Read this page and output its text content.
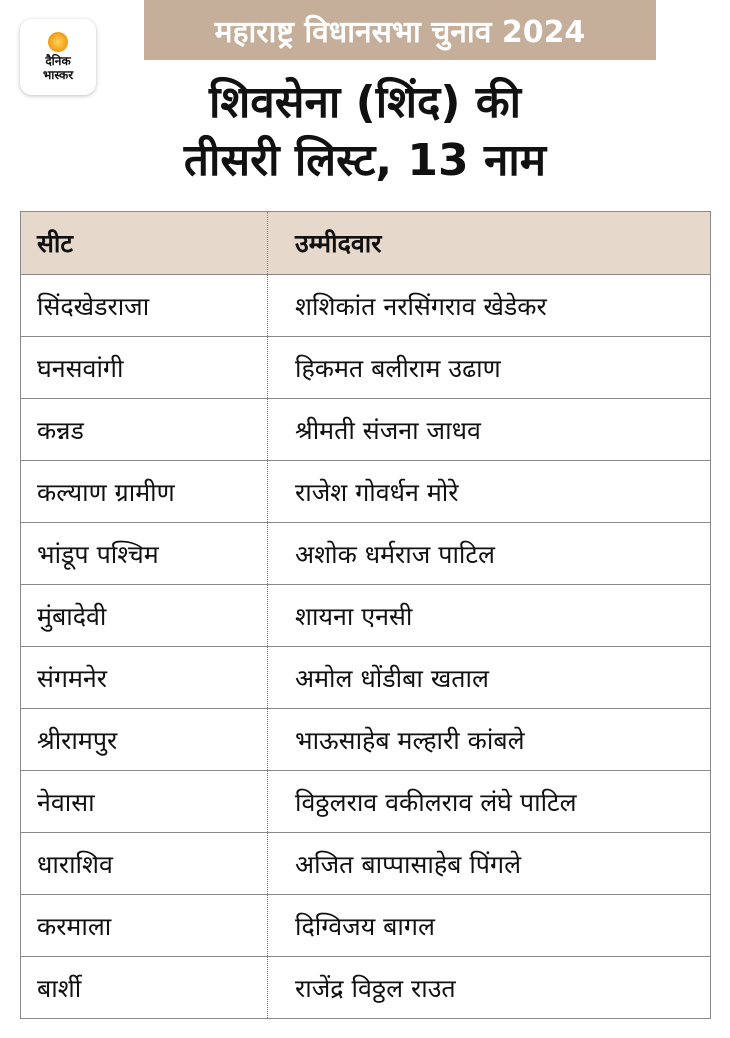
दैनिक
भास्कर
महाराष्ट्र विधानसभा चुनाव 2024
शिवसेना (शिंद) की
तीसरी लिस्ट, 13 नाम
सीट	उम्मीदवार
सिंदखेडराजा	शशिकांत नरसिंगराव खेडेकर
घनसवांगी	हिकमत बलीराम उढाण
कन्नड	श्रीमती संजना जाधव
कल्याण ग्रामीण	राजेश गोवर्धन मोरे
भांडूप पश्चिम	अशोक धर्मराज पाटिल
मुंबादेवी	शायना एनसी
संगमनेर	अमोल धोंडीबा खताल
श्रीरामपुर	भाऊसाहेब मल्हारी कांबले
नेवासा	विठ्ठलराव वकीलराव लंघे पाटिल
धाराशिव	अजित बाप्पासाहेब पिंगले
करमाला	दिग्विजय बागल
बार्शी	राजेंद्र विठ्ठल राउत
